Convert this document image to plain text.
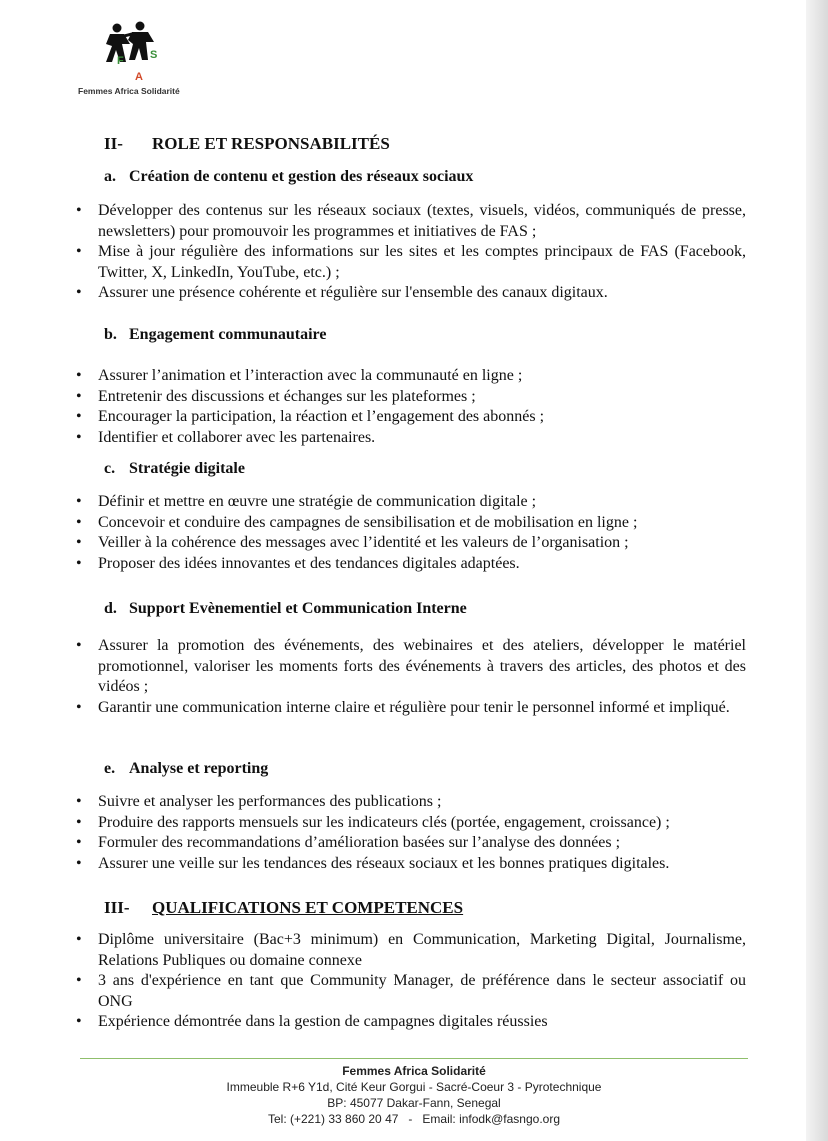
F S
A
Femmes Africa Solidarité
II- ROLE ET RESPONSABILITÉS
a. Création de contenu et gestion des réseaux sociaux
• Développer des contenus sur les réseaux sociaux (textes, visuels, vidéos, communiqués de presse, newsletters) pour promouvoir les programmes et initiatives de FAS ;
• Mise à jour régulière des informations sur les sites et les comptes principaux de FAS (Facebook, Twitter, X, LinkedIn, YouTube, etc.) ;
• Assurer une présence cohérente et régulière sur l'ensemble des canaux digitaux.
b. Engagement communautaire
• Assurer l’animation et l’interaction avec la communauté en ligne ;
• Entretenir des discussions et échanges sur les plateformes ;
• Encourager la participation, la réaction et l’engagement des abonnés ;
• Identifier et collaborer avec les partenaires.
c. Stratégie digitale
• Définir et mettre en œuvre une stratégie de communication digitale ;
• Concevoir et conduire des campagnes de sensibilisation et de mobilisation en ligne ;
• Veiller à la cohérence des messages avec l’identité et les valeurs de l’organisation ;
• Proposer des idées innovantes et des tendances digitales adaptées.
d. Support Evènementiel et Communication Interne
• Assurer la promotion des événements, des webinaires et des ateliers, développer le matériel promotionnel, valoriser les moments forts des événements à travers des articles, des photos et des vidéos ;
• Garantir une communication interne claire et régulière pour tenir le personnel informé et impliqué.
e. Analyse et reporting
• Suivre et analyser les performances des publications ;
• Produire des rapports mensuels sur les indicateurs clés (portée, engagement, croissance) ;
• Formuler des recommandations d’amélioration basées sur l’analyse des données ;
• Assurer une veille sur les tendances des réseaux sociaux et les bonnes pratiques digitales.
III- QUALIFICATIONS ET COMPETENCES
• Diplôme universitaire (Bac+3 minimum) en Communication, Marketing Digital, Journalisme, Relations Publiques ou domaine connexe
• 3 ans d'expérience en tant que Community Manager, de préférence dans le secteur associatif ou ONG
• Expérience démontrée dans la gestion de campagnes digitales réussies
Femmes Africa Solidarité
Immeuble R+6 Y1d, Cité Keur Gorgui - Sacré-Coeur 3 - Pyrotechnique
BP: 45077 Dakar-Fann, Senegal
Tel: (+221) 33 860 20 47   -   Email: infodk@fasngo.org
